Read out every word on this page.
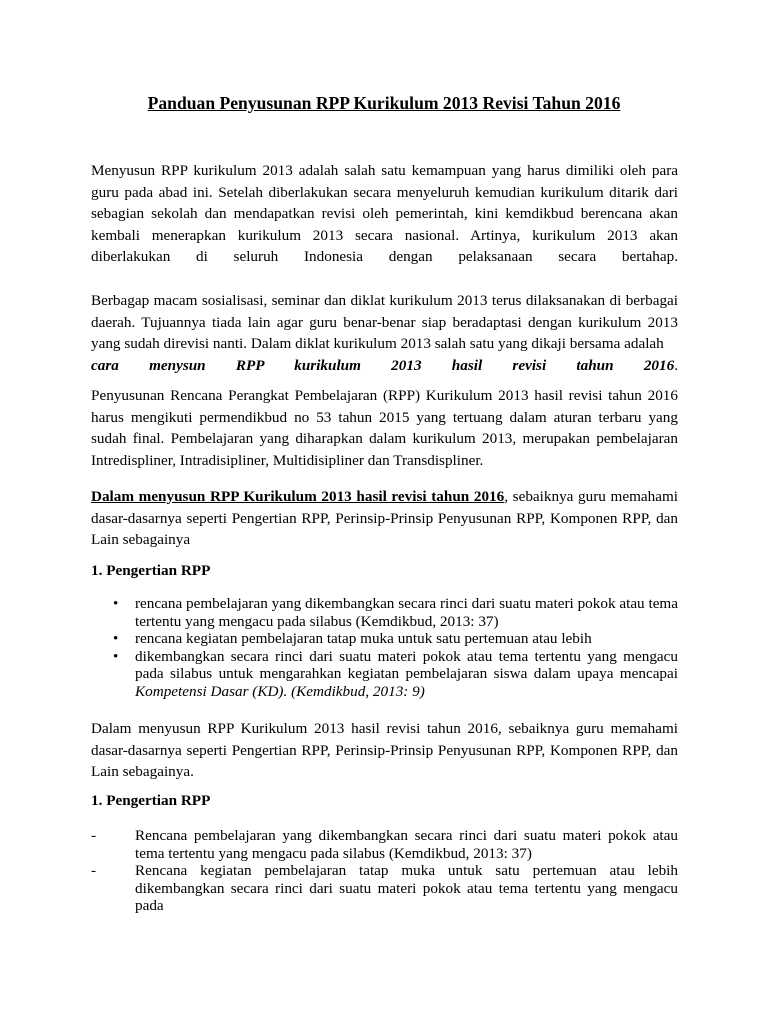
Panduan Penyusunan RPP Kurikulum 2013 Revisi Tahun 2016

Menyusun RPP kurikulum 2013 adalah salah satu kemampuan yang harus dimiliki oleh para guru pada abad ini. Setelah diberlakukan secara menyeluruh kemudian kurikulum ditarik dari sebagian sekolah dan mendapatkan revisi oleh pemerintah, kini kemdikbud berencana akan kembali menerapkan kurikulum 2013 secara nasional. Artinya, kurikulum 2013 akan diberlakukan di seluruh Indonesia dengan pelaksanaan secara bertahap.

Berbagap macam sosialisasi, seminar dan diklat kurikulum 2013 terus dilaksanakan di berbagai daerah. Tujuannya tiada lain agar guru benar-benar siap beradaptasi dengan kurikulum 2013 yang sudah direvisi nanti. Dalam diklat kurikulum 2013 salah satu yang dikaji bersama adalah
cara menysun RPP kurikulum 2013 hasil revisi tahun 2016.

Penyusunan Rencana Perangkat Pembelajaran (RPP) Kurikulum 2013 hasil revisi tahun 2016 harus mengikuti permendikbud no 53 tahun 2015 yang tertuang dalam aturan terbaru yang sudah final. Pembelajaran yang diharapkan dalam kurikulum 2013, merupakan pembelajaran Intredispliner, Intradisipliner, Multidisipliner dan Transdispliner.

Dalam menyusun RPP Kurikulum 2013 hasil revisi tahun 2016, sebaiknya guru memahami dasar-dasarnya seperti Pengertian RPP, Perinsip-Prinsip Penyusunan RPP, Komponen RPP, dan Lain sebagainya

1. Pengertian RPP

• rencana pembelajaran yang dikembangkan secara rinci dari suatu materi pokok atau tema tertentu yang mengacu pada silabus (Kemdikbud, 2013: 37)
• rencana kegiatan pembelajaran tatap muka untuk satu pertemuan atau lebih
• dikembangkan secara rinci dari suatu materi pokok atau tema tertentu yang mengacu pada silabus untuk mengarahkan kegiatan pembelajaran siswa dalam upaya mencapai Kompetensi Dasar (KD). (Kemdikbud, 2013: 9)

Dalam menyusun RPP Kurikulum 2013 hasil revisi tahun 2016, sebaiknya guru memahami dasar-dasarnya seperti Pengertian RPP, Perinsip-Prinsip Penyusunan RPP, Komponen RPP, dan Lain sebagainya.

1. Pengertian RPP

-	Rencana pembelajaran yang dikembangkan secara rinci dari suatu materi pokok atau tema tertentu yang mengacu pada silabus (Kemdikbud, 2013: 37)
-	Rencana kegiatan pembelajaran tatap muka untuk satu pertemuan atau lebih dikembangkan secara rinci dari suatu materi pokok atau tema tertentu yang mengacu pada
